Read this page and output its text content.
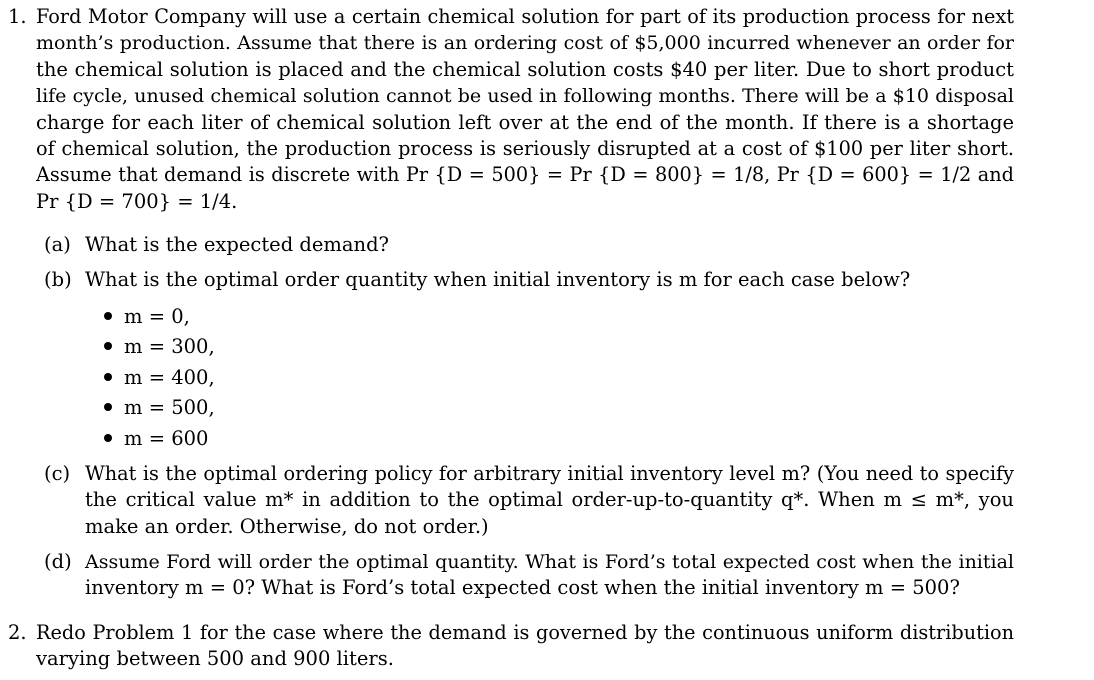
1. Ford Motor Company will use a certain chemical solution for part of its production process for next
month’s production. Assume that there is an ordering cost of $5,000 incurred whenever an order for
the chemical solution is placed and the chemical solution costs $40 per liter. Due to short product
life cycle, unused chemical solution cannot be used in following months. There will be a $10 disposal
charge for each liter of chemical solution left over at the end of the month. If there is a shortage
of chemical solution, the production process is seriously disrupted at a cost of $100 per liter short.
Assume that demand is discrete with Pr {D = 500} = Pr {D = 800} = 1/8, Pr {D = 600} = 1/2 and
Pr {D = 700} = 1/4.
(a) What is the expected demand?
(b) What is the optimal order quantity when initial inventory is m for each case below?
m = 0,
m = 300,
m = 400,
m = 500,
m = 600
(c) What is the optimal ordering policy for arbitrary initial inventory level m? (You need to specify
the critical value m* in addition to the optimal order-up-to-quantity q*. When m ≤ m*, you
make an order. Otherwise, do not order.)
(d) Assume Ford will order the optimal quantity. What is Ford’s total expected cost when the initial
inventory m = 0? What is Ford’s total expected cost when the initial inventory m = 500?
2. Redo Problem 1 for the case where the demand is governed by the continuous uniform distribution
varying between 500 and 900 liters.
